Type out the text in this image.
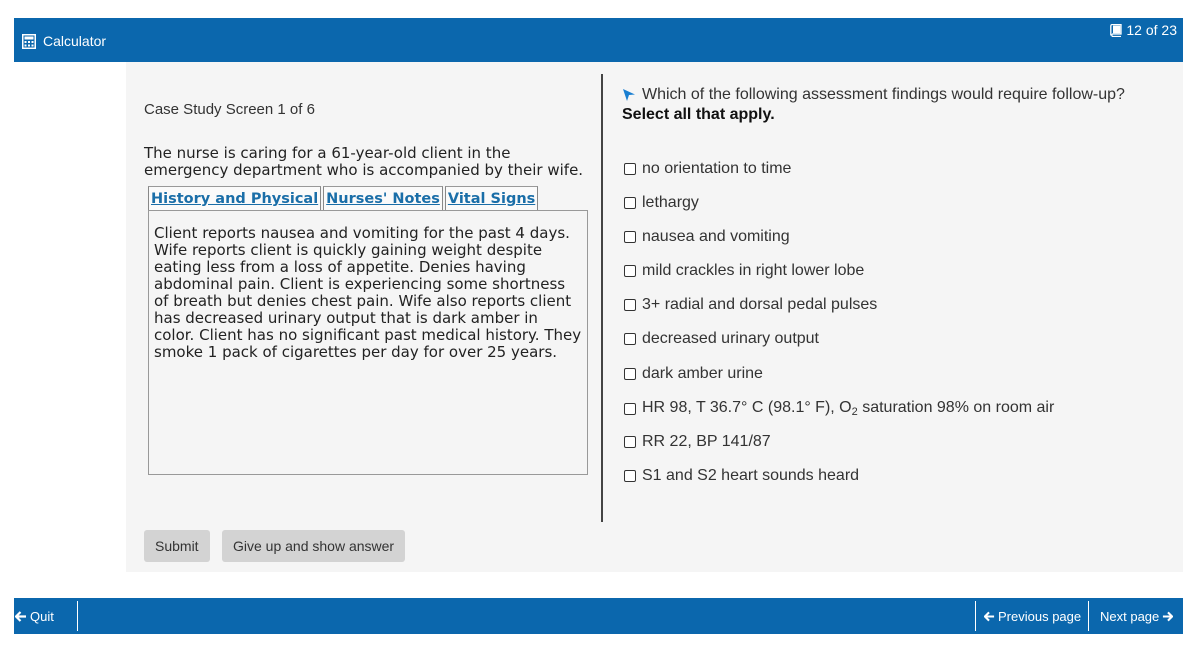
Calculator
12 of 23
Case Study Screen 1 of 6
The nurse is caring for a 61-year-old client in the emergency department who is accompanied by their wife.
History and Physical Nurses' Notes Vital Signs
Client reports nausea and vomiting for the past 4 days. Wife reports client is quickly gaining weight despite eating less from a loss of appetite. Denies having abdominal pain. Client is experiencing some shortness of breath but denies chest pain. Wife also reports client has decreased urinary output that is dark amber in color. Client has no significant past medical history. They smoke 1 pack of cigarettes per day for over 25 years.
Which of the following assessment findings would require follow-up?
Select all that apply.
no orientation to time
lethargy
nausea and vomiting
mild crackles in right lower lobe
3+ radial and dorsal pedal pulses
decreased urinary output
dark amber urine
HR 98, T 36.7° C (98.1° F), $O_2$ saturation 98% on room air
RR 22, BP 141/87
S1 and S2 heart sounds heard
Submit	Give up and show answer
Quit	Previous page Next page
